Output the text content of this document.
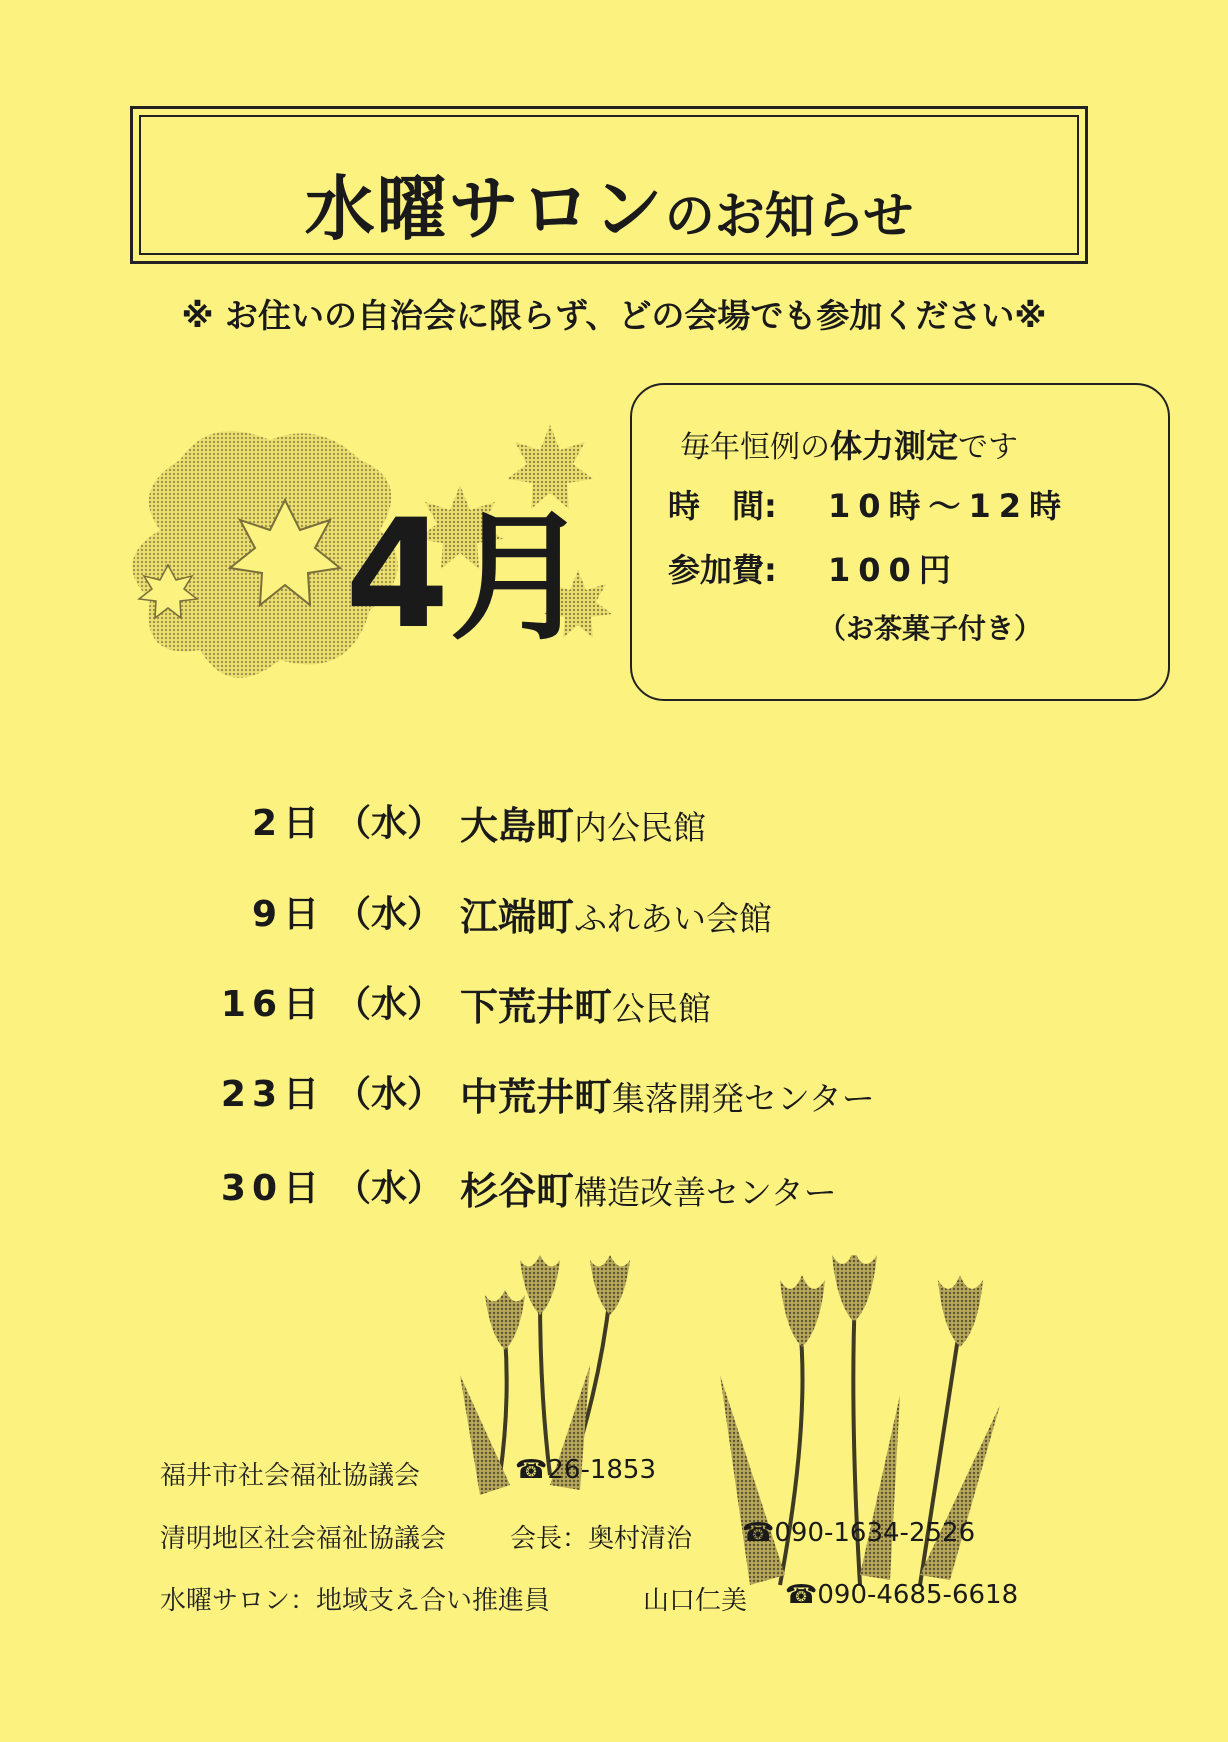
水曜サロンのお知らせ
※ お住いの自治会に限らず、どの会場でも参加ください※
4月
毎年恒例の体力測定です
時　間: 10時～12時
参加費: 100円
（お茶菓子付き）
2日 （水） 大島町内公民館
9日 （水） 江端町ふれあい会館
16日 （水） 下荒井町公民館
23日 （水） 中荒井町集落開発センター
30日 （水） 杉谷町構造改善センター
福井市社会福祉協議会	☎26-1853
清明地区社会福祉協議会 会長：奥村清治 ☎090-1634-2526
水曜サロン：地域支え合い推進員	山口仁美 ☎090-4685-6618
